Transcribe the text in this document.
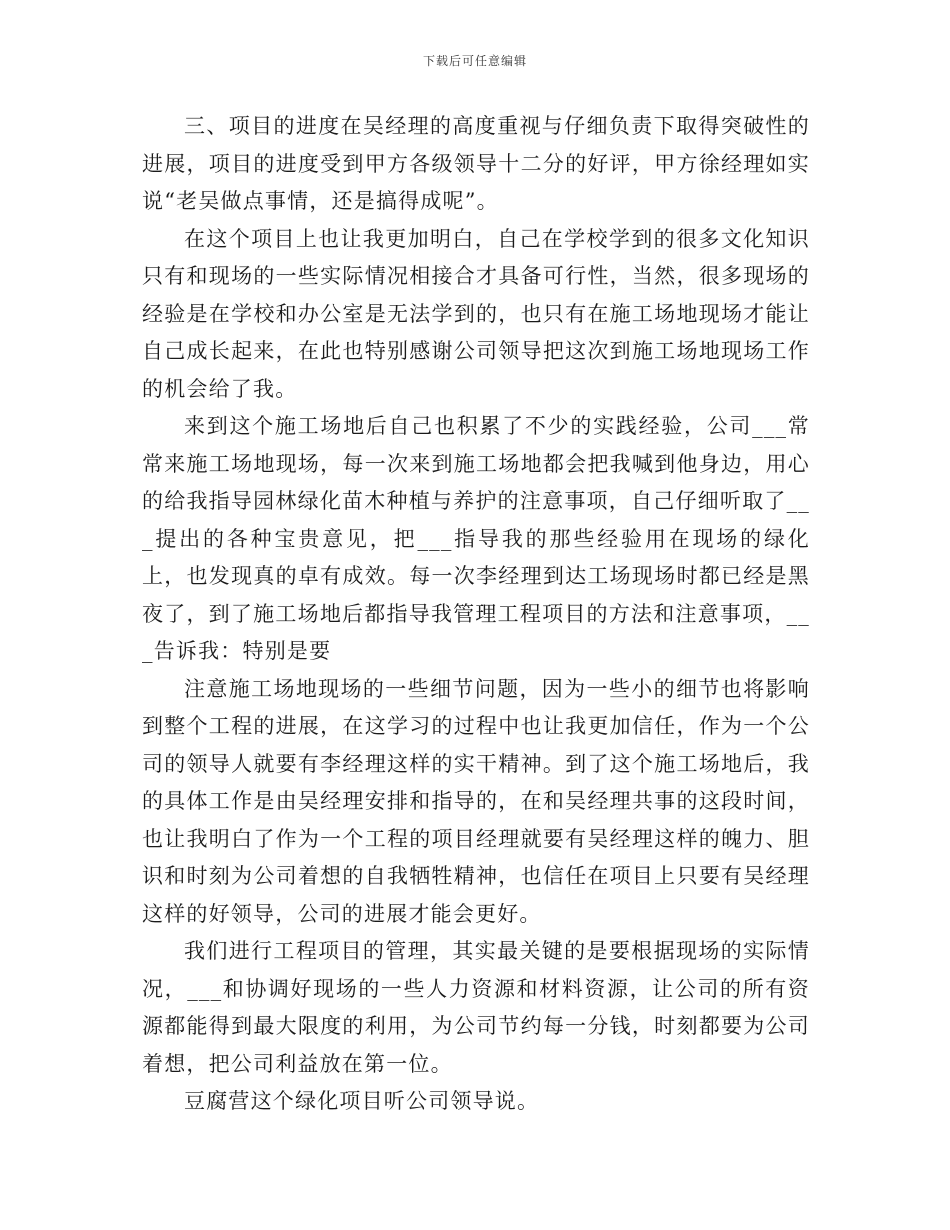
下载后可任意编辑

三、项目的进度在吴经理的高度重视与仔细负责下取得突破性的进展，项目的进度受到甲方各级领导十二分的好评，甲方徐经理如实说“老吴做点事情，还是搞得成呢”。

在这个项目上也让我更加明白，自己在学校学到的很多文化知识只有和现场的一些实际情况相接合才具备可行性，当然，很多现场的经验是在学校和办公室是无法学到的，也只有在施工场地现场才能让自己成长起来，在此也特别感谢公司领导把这次到施工场地现场工作的机会给了我。

来到这个施工场地后自己也积累了不少的实践经验，公司___常常来施工场地现场，每一次来到施工场地都会把我喊到他身边，用心的给我指导园林绿化苗木种植与养护的注意事项，自己仔细听取了___提出的各种宝贵意见，把___指导我的那些经验用在现场的绿化上，也发现真的卓有成效。每一次李经理到达工场现场时都已经是黑夜了，到了施工场地后都指导我管理工程项目的方法和注意事项，___告诉我：特别是要

注意施工场地现场的一些细节问题，因为一些小的细节也将影响到整个工程的进展，在这学习的过程中也让我更加信任，作为一个公司的领导人就要有李经理这样的实干精神。到了这个施工场地后，我的具体工作是由吴经理安排和指导的，在和吴经理共事的这段时间，也让我明白了作为一个工程的项目经理就要有吴经理这样的魄力、胆识和时刻为公司着想的自我牺牲精神，也信任在项目上只要有吴经理这样的好领导，公司的进展才能会更好。

我们进行工程项目的管理，其实最关键的是要根据现场的实际情况，___和协调好现场的一些人力资源和材料资源，让公司的所有资源都能得到最大限度的利用，为公司节约每一分钱，时刻都要为公司着想，把公司利益放在第一位。

豆腐营这个绿化项目听公司领导说。
